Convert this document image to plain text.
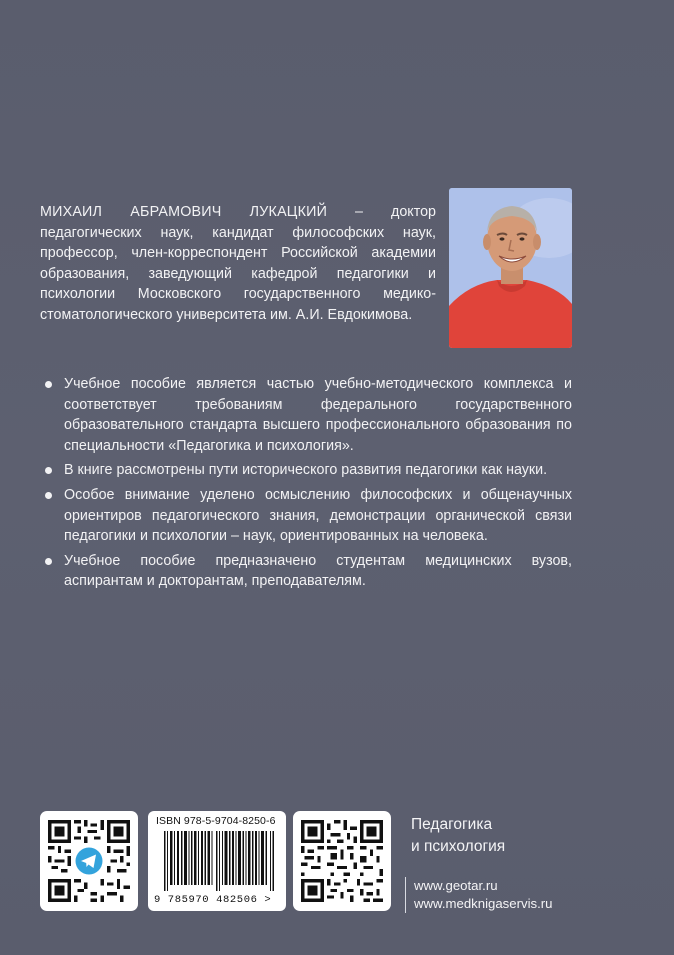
МИХАИЛ АБРАМОВИЧ ЛУКАЦКИЙ – доктор педагогических наук, кандидат философских наук, профессор, член-корреспондент Российской академии образования, заведующий кафедрой педагогики и психологии Московского государственного медико-стоматологического университета им. А.И. Евдокимова.
Учебное пособие является частью учебно-методического комплекса и соответствует требованиям федерального государственного образовательного стандарта высшего профессионального образования по специальности «Педагогика и психология».
В книге рассмотрены пути исторического развития педагогики как науки.
Особое внимание уделено осмыслению философских и общенаучных ориентиров педагогического знания, демонстрации органической связи педагогики и психологии – наук, ориентированных на человека.
Учебное пособие предназначено студентам медицинских вузов, аспирантам и докторантам, преподавателям.
ISBN 978-5-9704-8250-6
9 785970 482506 >
Педагогика
и психология
www.geotar.ru
www.medknigaservis.ru
